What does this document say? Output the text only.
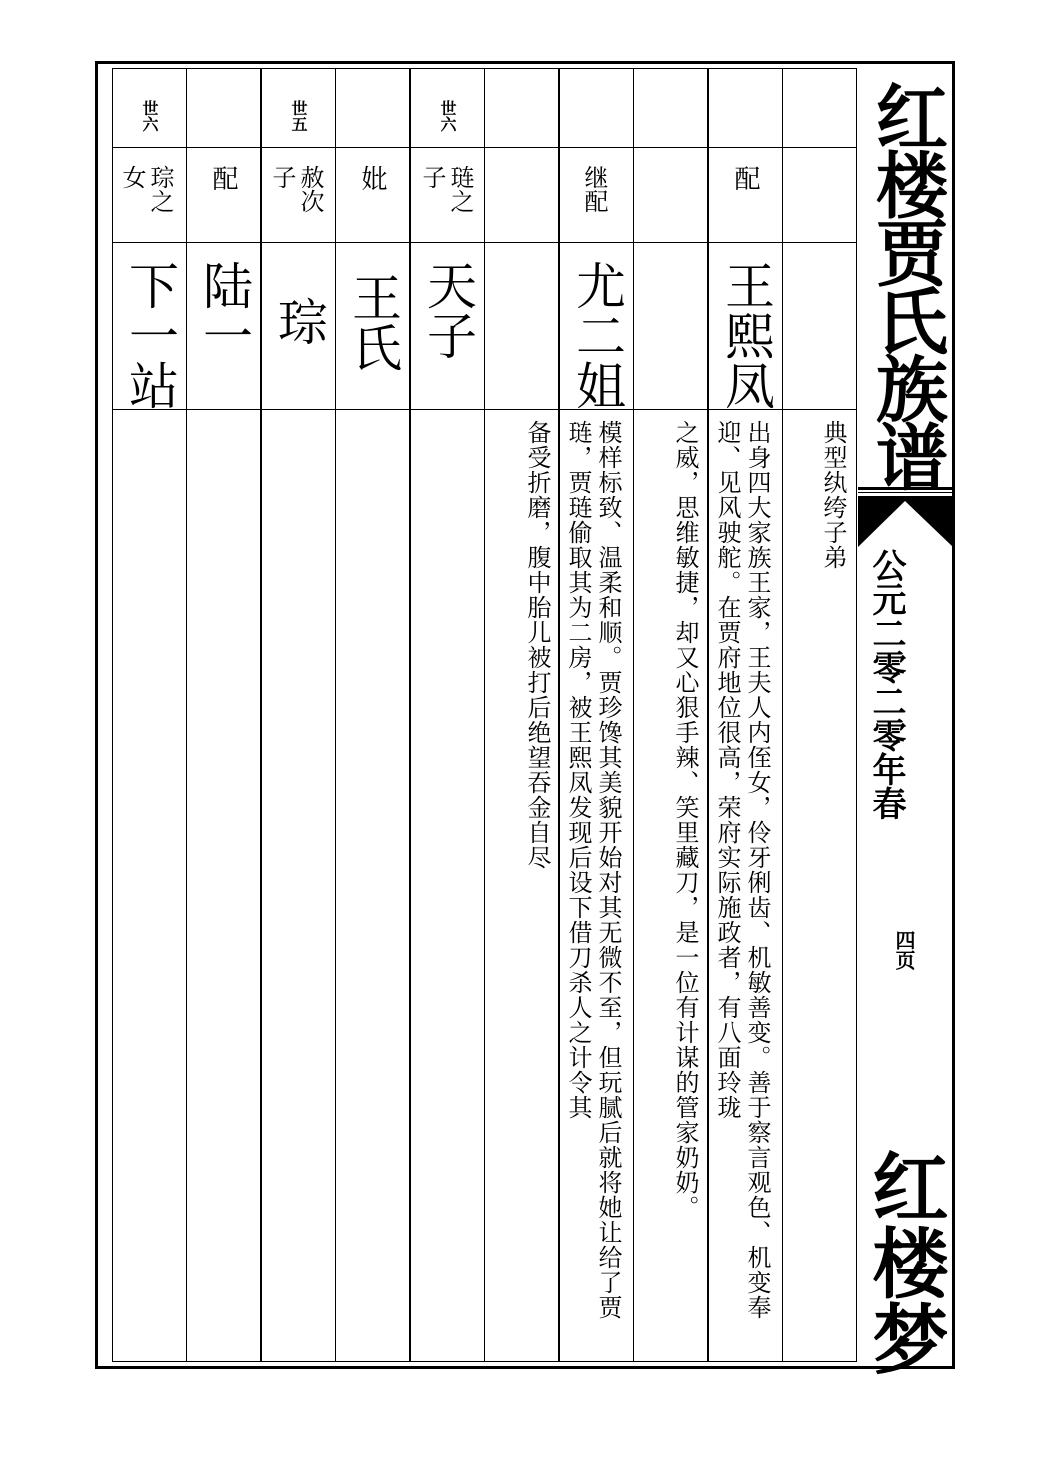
典型纨绔子弟
配
王熙凤
出身四大家族王家，王夫人内侄女，伶牙俐齿、机敏善变。善于察言观色、机变奉迎、见风驶舵。在贾府地位很高，荣府实际施政者，有八面玲珑
之威，思维敏捷，却又心狠手辣、笑里藏刀，是一位有计谋的管家奶奶。
继配
尤二姐
模样标致、温柔和顺。贾珍馋其美貌开始对其无微不至，但玩腻后就将她让给了贾琏，贾琏偷取其为二房，被王熙凤发现后设下借刀杀人之计令其
备受折磨，腹中胎儿被打后绝望吞金自尽
世六
琏之子
天子
妣
王氏
世五
赦次子
琮
配
陆一
世六
琮之女
下一站	红楼贾氏族谱
公元二零二零年春
四页
红楼梦
